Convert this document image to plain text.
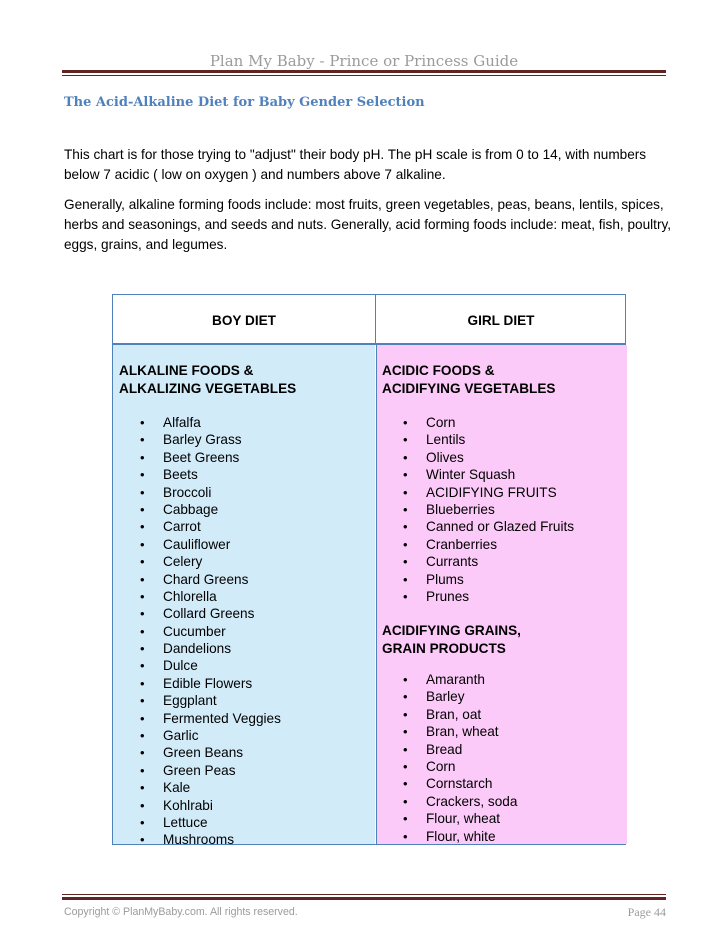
Plan My Baby - Prince or Princess Guide
The Acid-Alkaline Diet for Baby Gender Selection
This chart is for those trying to "adjust" their body pH. The pH scale is from 0 to 14, with numbers below 7 acidic ( low on oxygen ) and numbers above 7 alkaline.
Generally, alkaline forming foods include: most fruits, green vegetables, peas, beans, lentils, spices, herbs and seasonings, and seeds and nuts. Generally, acid forming foods include: meat, fish, poultry, eggs, grains, and legumes.
BOY DIET	GIRL DIET
ALKALINE FOODS &
ALKALIZING VEGETABLES
• Alfalfa
• Barley Grass
• Beet Greens
• Beets
• Broccoli
• Cabbage
• Carrot
• Cauliflower
• Celery
• Chard Greens
• Chlorella
• Collard Greens
• Cucumber
• Dandelions
• Dulce
• Edible Flowers
• Eggplant
• Fermented Veggies
• Garlic
• Green Beans
• Green Peas
• Kale
• Kohlrabi
• Lettuce
• Mushrooms
ACIDIC FOODS &
ACIDIFYING VEGETABLES
• Corn
• Lentils
• Olives
• Winter Squash
• ACIDIFYING FRUITS
• Blueberries
• Canned or Glazed Fruits
• Cranberries
• Currants
• Plums
• Prunes
ACIDIFYING GRAINS,
GRAIN PRODUCTS
• Amaranth
• Barley
• Bran, oat
• Bran, wheat
• Bread
• Corn
• Cornstarch
• Crackers, soda
• Flour, wheat
• Flour, white
Copyright © PlanMyBaby.com. All rights reserved.	Page 44
